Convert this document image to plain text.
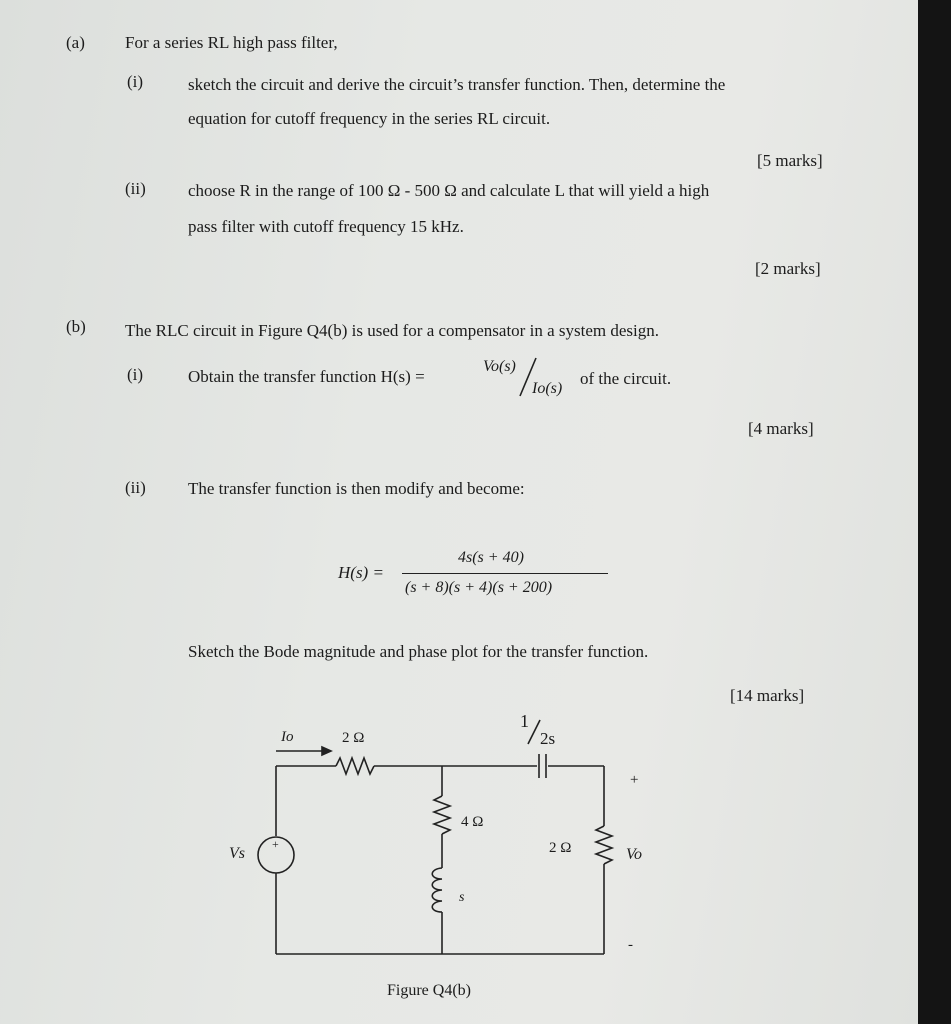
(a) For a series RL high pass filter,
(i)	sketch the circuit and derive the circuit’s transfer function. Then, determine the
equation for cutoff frequency in the series RL circuit.
[5 marks]
(ii) choose R in the range of 100 Ω - 500 Ω and calculate L that will yield a high
pass filter with cutoff frequency 15 kHz.
[2 marks]
(b) The RLC circuit in Figure Q4(b) is used for a compensator in a system design.
(i)	Obtain the transfer function H(s) =
Vo(s)
Io(s)
of the circuit.
[4 marks]
(ii) The transfer function is then modify and become:
H(s) =
4s(s + 40)
(s + 8)(s + 4)(s + 200)
Sketch the Bode magnitude and phase plot for the transfer function.
[14 marks]
Io	2 Ω
1
2s
+
4 Ω
2 Ω	Vo
Vs
+
s
-
Figure Q4(b)
